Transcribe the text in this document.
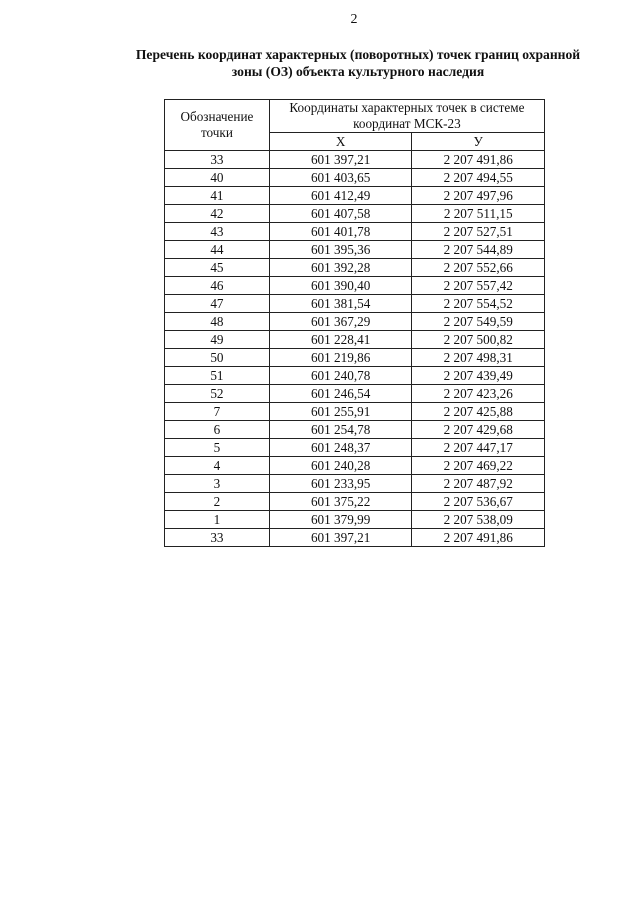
2
Перечень координат характерных (поворотных) точек границ охранной
зоны (ОЗ) объекта культурного наследия
Обозначение
точки	Координаты характерных точек в системе
координат МСК-23	
	X	У
33	601 397,21	2 207 491,86
40	601 403,65	2 207 494,55
41	601 412,49	2 207 497,96
42	601 407,58	2 207 511,15
43	601 401,78	2 207 527,51
44	601 395,36	2 207 544,89
45	601 392,28	2 207 552,66
46	601 390,40	2 207 557,42
47	601 381,54	2 207 554,52
48	601 367,29	2 207 549,59
49	601 228,41	2 207 500,82
50	601 219,86	2 207 498,31
51	601 240,78	2 207 439,49
52	601 246,54	2 207 423,26
7	601 255,91	2 207 425,88
6	601 254,78	2 207 429,68
5	601 248,37	2 207 447,17
4	601 240,28	2 207 469,22
3	601 233,95	2 207 487,92
2	601 375,22	2 207 536,67
1	601 379,99	2 207 538,09
33	601 397,21	2 207 491,86
